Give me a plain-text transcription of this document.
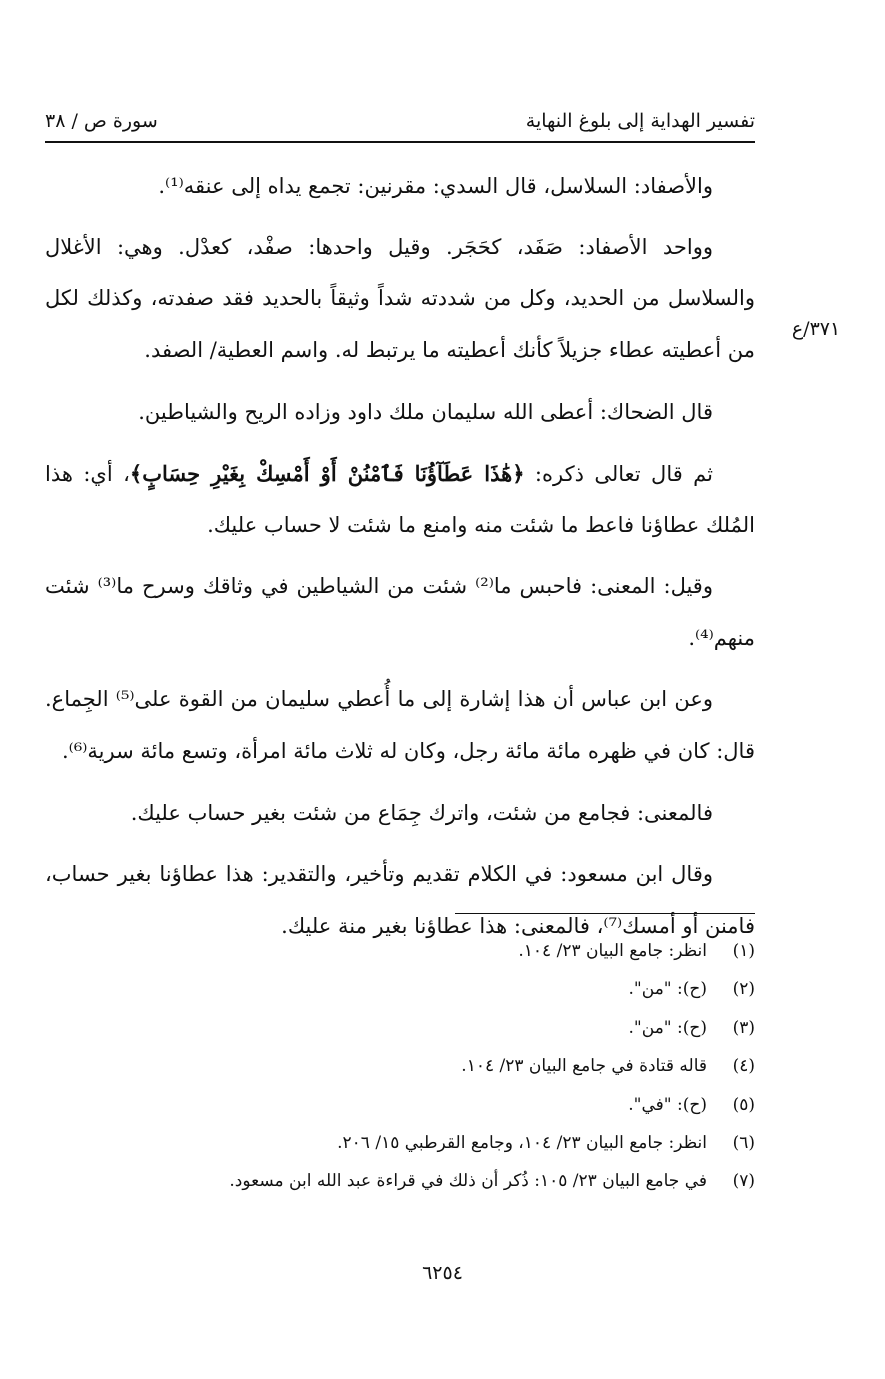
تفسير الهداية إلى بلوغ النهاية
سورة ص / ٣٨
٣٧١/ع

والأصفاد: السلاسل، قال السدي: مقرنين: تجمع يداه إلى عنقه⁽¹⁾.

وواحد الأصفاد: صَفَد، كحَجَر. وقيل واحدها: صفْد، كعدْل. وهي: الأغلال والسلاسل من الحديد، وكل من شددته شداً وثيقاً بالحديد فقد صفدته، وكذلك لكل من أعطيته عطاء جزيلاً كأنك أعطيته ما يرتبط له. واسم العطية/ الصفد.

قال الضحاك: أعطى الله سليمان ملك داود وزاده الريح والشياطين.

ثم قال تعالى ذكره: ﴿هَٰذَا عَطَآؤُنَا فَٱمْنُنْ أَوْ أَمْسِكْ بِغَيْرِ حِسَابٍ﴾، أي: هذا المُلك عطاؤنا فاعط ما شئت منه وامنع ما شئت لا حساب عليك.

وقيل: المعنى: فاحبس ما⁽²⁾ شئت من الشياطين في وثاقك وسرح ما⁽³⁾ شئت منهم⁽⁴⁾.

وعن ابن عباس أن هذا إشارة إلى ما أُعطي سليمان من القوة على⁽⁵⁾ الجِماع. قال: كان في ظهره مائة مائة رجل، وكان له ثلاث مائة امرأة، وتسع مائة سرية⁽⁶⁾.

فالمعنى: فجامع من شئت، واترك جِمَاع من شئت بغير حساب عليك.

وقال ابن مسعود: في الكلام تقديم وتأخير، والتقدير: هذا عطاؤنا بغير حساب، فامنن أو أمسك⁽⁷⁾، فالمعنى: هذا عطاؤنا بغير منة عليك.

(١)
انظر: جامع البيان ٢٣/ ١٠٤.
(٢)
(ح): "من".
(٣)
(ح): "من".
(٤)
قاله قتادة في جامع البيان ٢٣/ ١٠٤.
(٥)
(ح): "في".
(٦)
انظر: جامع البيان ٢٣/ ١٠٤، وجامع القرطبي ١٥/ ٢٠٦.
(٧)
في جامع البيان ٢٣/ ١٠٥: ذُكر أن ذلك في قراءة عبد الله ابن مسعود.
٦٢٥٤
